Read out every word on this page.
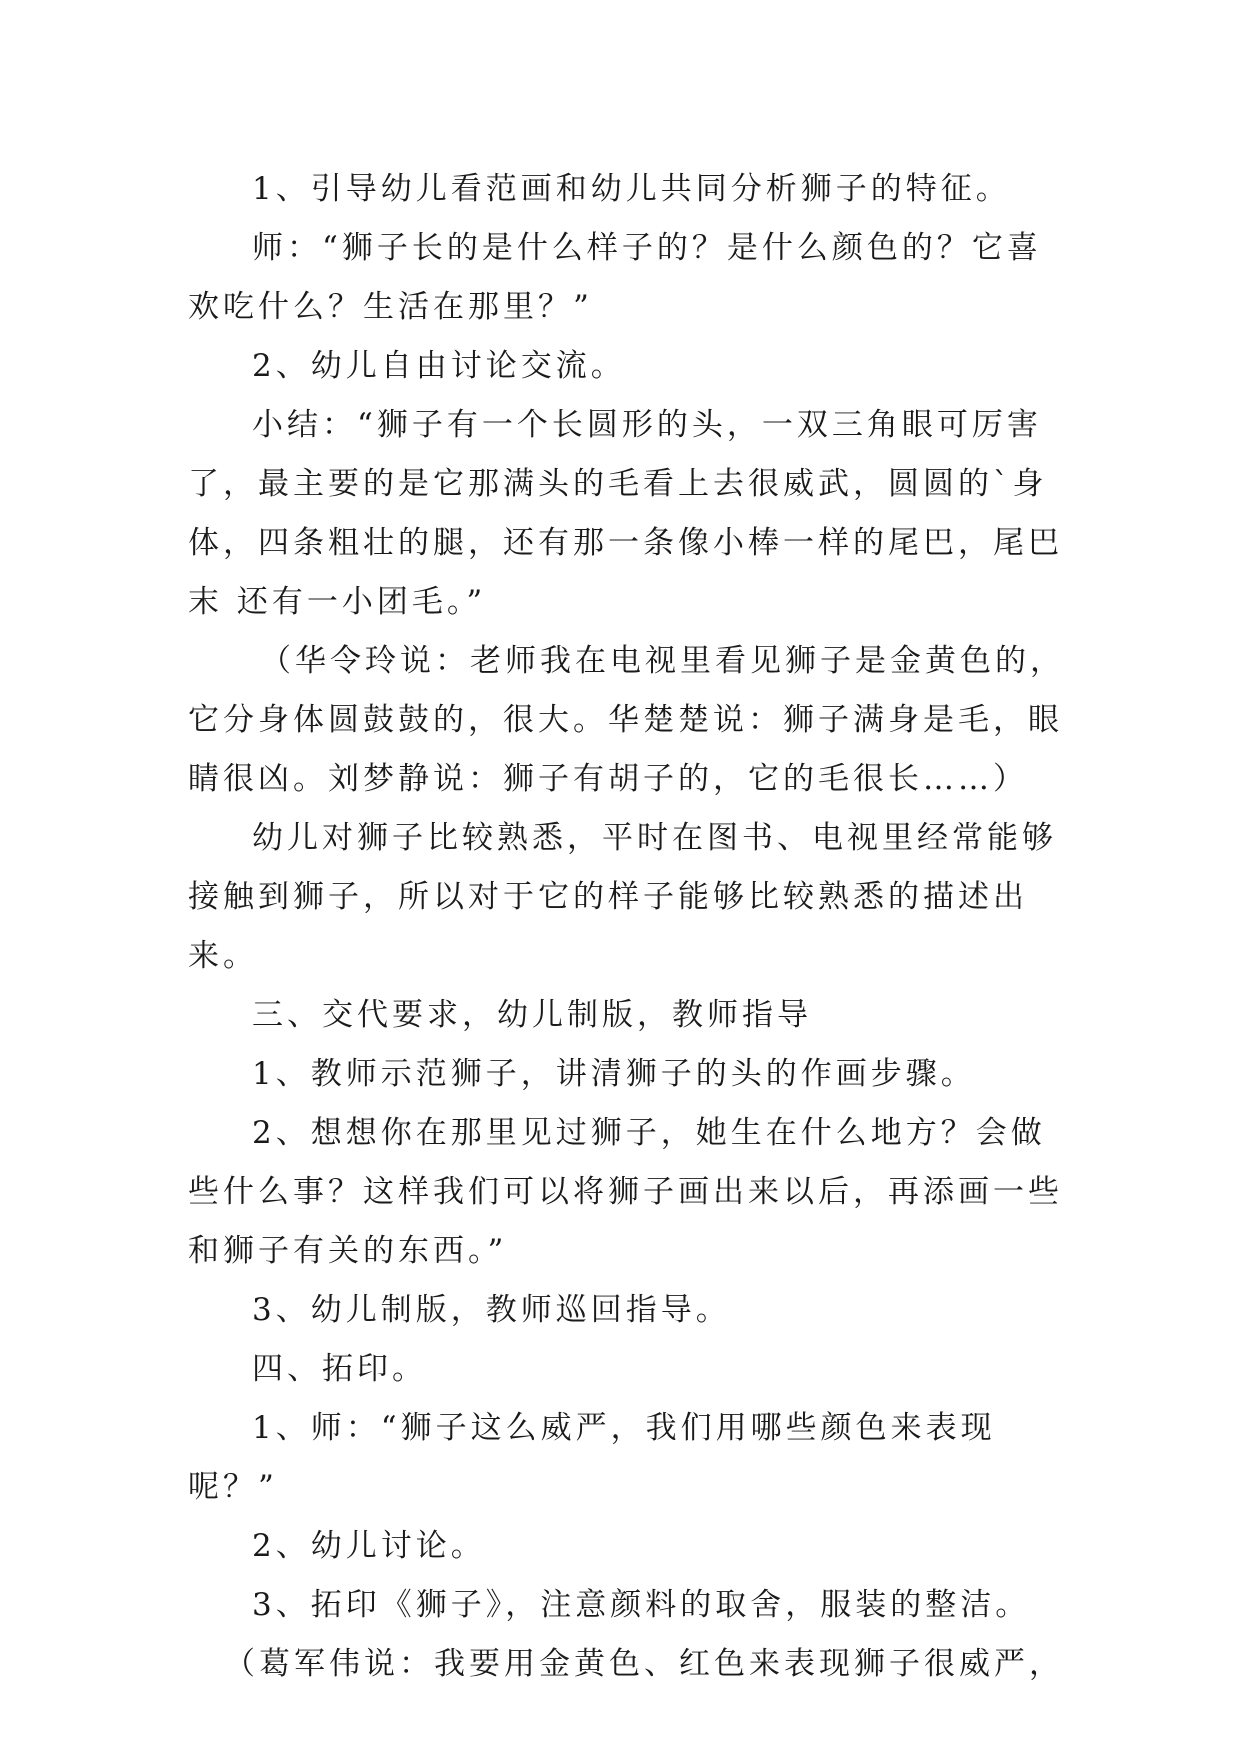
1、引导幼儿看范画和幼儿共同分析狮子的特征。

师：“狮子长的是什么样子的？是什么颜色的？它喜欢吃什么？生活在那里？”

2、幼儿自由讨论交流。

小结：“狮子有一个长圆形的头，一双三角眼可厉害了，最主要的是它那满头的毛看上去很威武，圆圆的`身体，四条粗壮的腿，还有那一条像小棒一样的尾巴，尾巴末 还有一小团毛。”

（华令玲说：老师我在电视里看见狮子是金黄色的，它分身体圆鼓鼓的，很大。华楚楚说：狮子满身是毛，眼睛很凶。刘梦静说：狮子有胡子的，它的毛很长……）

幼儿对狮子比较熟悉，平时在图书、电视里经常能够接触到狮子，所以对于它的样子能够比较熟悉的描述出来。

三、交代要求，幼儿制版，教师指导

1、教师示范狮子，讲清狮子的头的作画步骤。

2、想想你在那里见过狮子，她生在什么地方？会做些什么事？这样我们可以将狮子画出来以后，再添画一些和狮子有关的东西。”

3、幼儿制版，教师巡回指导。

四、拓印。

1、师：“狮子这么威严，我们用哪些颜色来表现呢？”

2、幼儿讨论。

3、拓印《狮子》，注意颜料的取舍，服装的整洁。

（葛军伟说：我要用金黄色、红色来表现狮子很威严，
